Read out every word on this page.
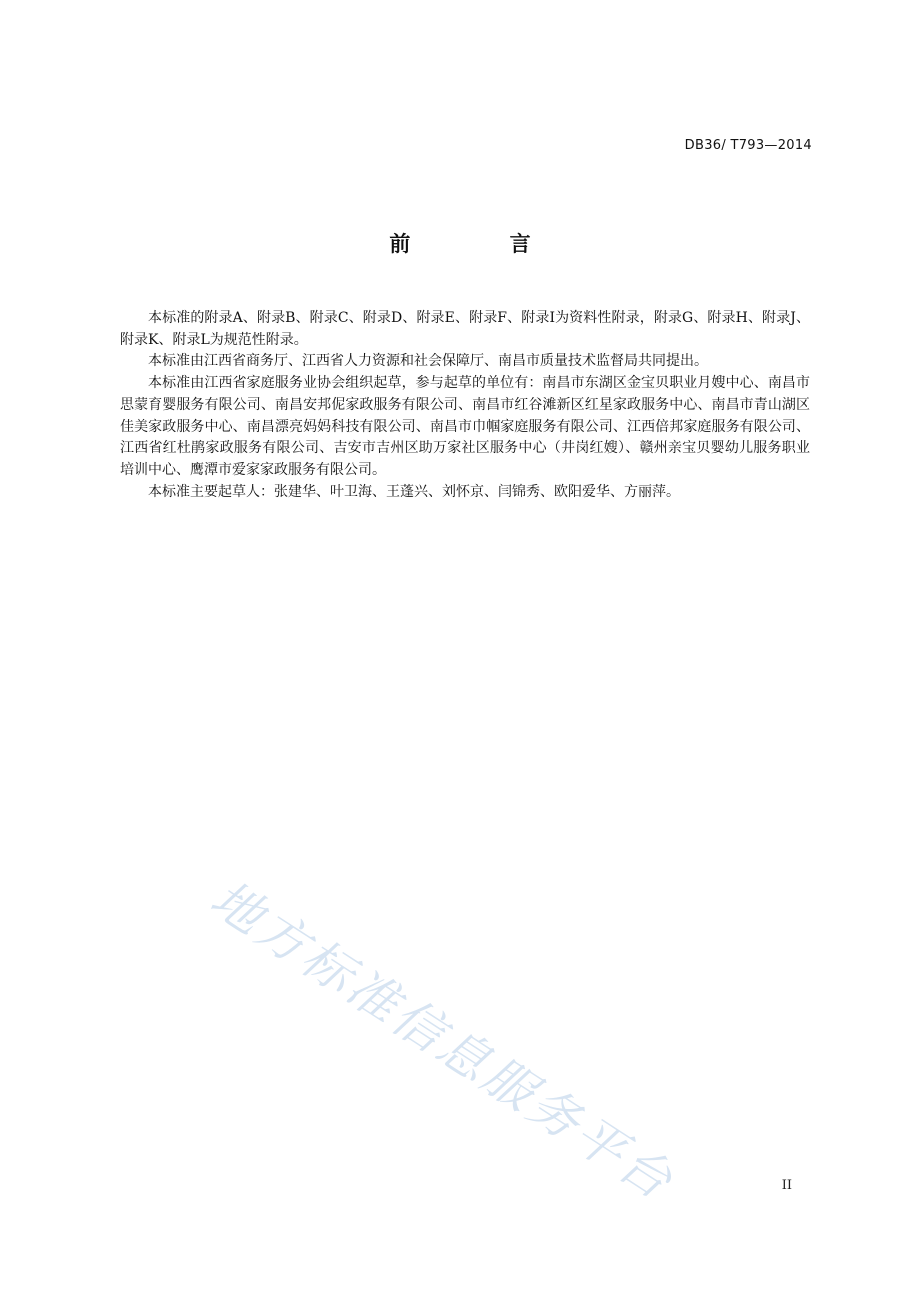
DB36/ T793—2014
前 言

本标准的附录A、附录B、附录C、附录D、附录E、附录F、附录I为资料性附录，附录G、附录H、附录J、附录K、附录L为规范性附录。

本标准由江西省商务厅、江西省人力资源和社会保障厅、南昌市质量技术监督局共同提出。

本标准由江西省家庭服务业协会组织起草，参与起草的单位有：南昌市东湖区金宝贝职业月嫂中心、南昌市思蒙育婴服务有限公司、南昌安邦伲家政服务有限公司、南昌市红谷滩新区红星家政服务中心、南昌市青山湖区佳美家政服务中心、南昌漂亮妈妈科技有限公司、南昌市巾帼家庭服务有限公司、江西倍邦家庭服务有限公司、江西省红杜鹃家政服务有限公司、吉安市吉州区助万家社区服务中心（井岗红嫂）、赣州亲宝贝婴幼儿服务职业培训中心、鹰潭市爱家家政服务有限公司。

本标准主要起草人：张建华、叶卫海、王蓬兴、刘怀京、闫锦秀、欧阳爱华、方丽萍。

地方标准信息服务平台	II
